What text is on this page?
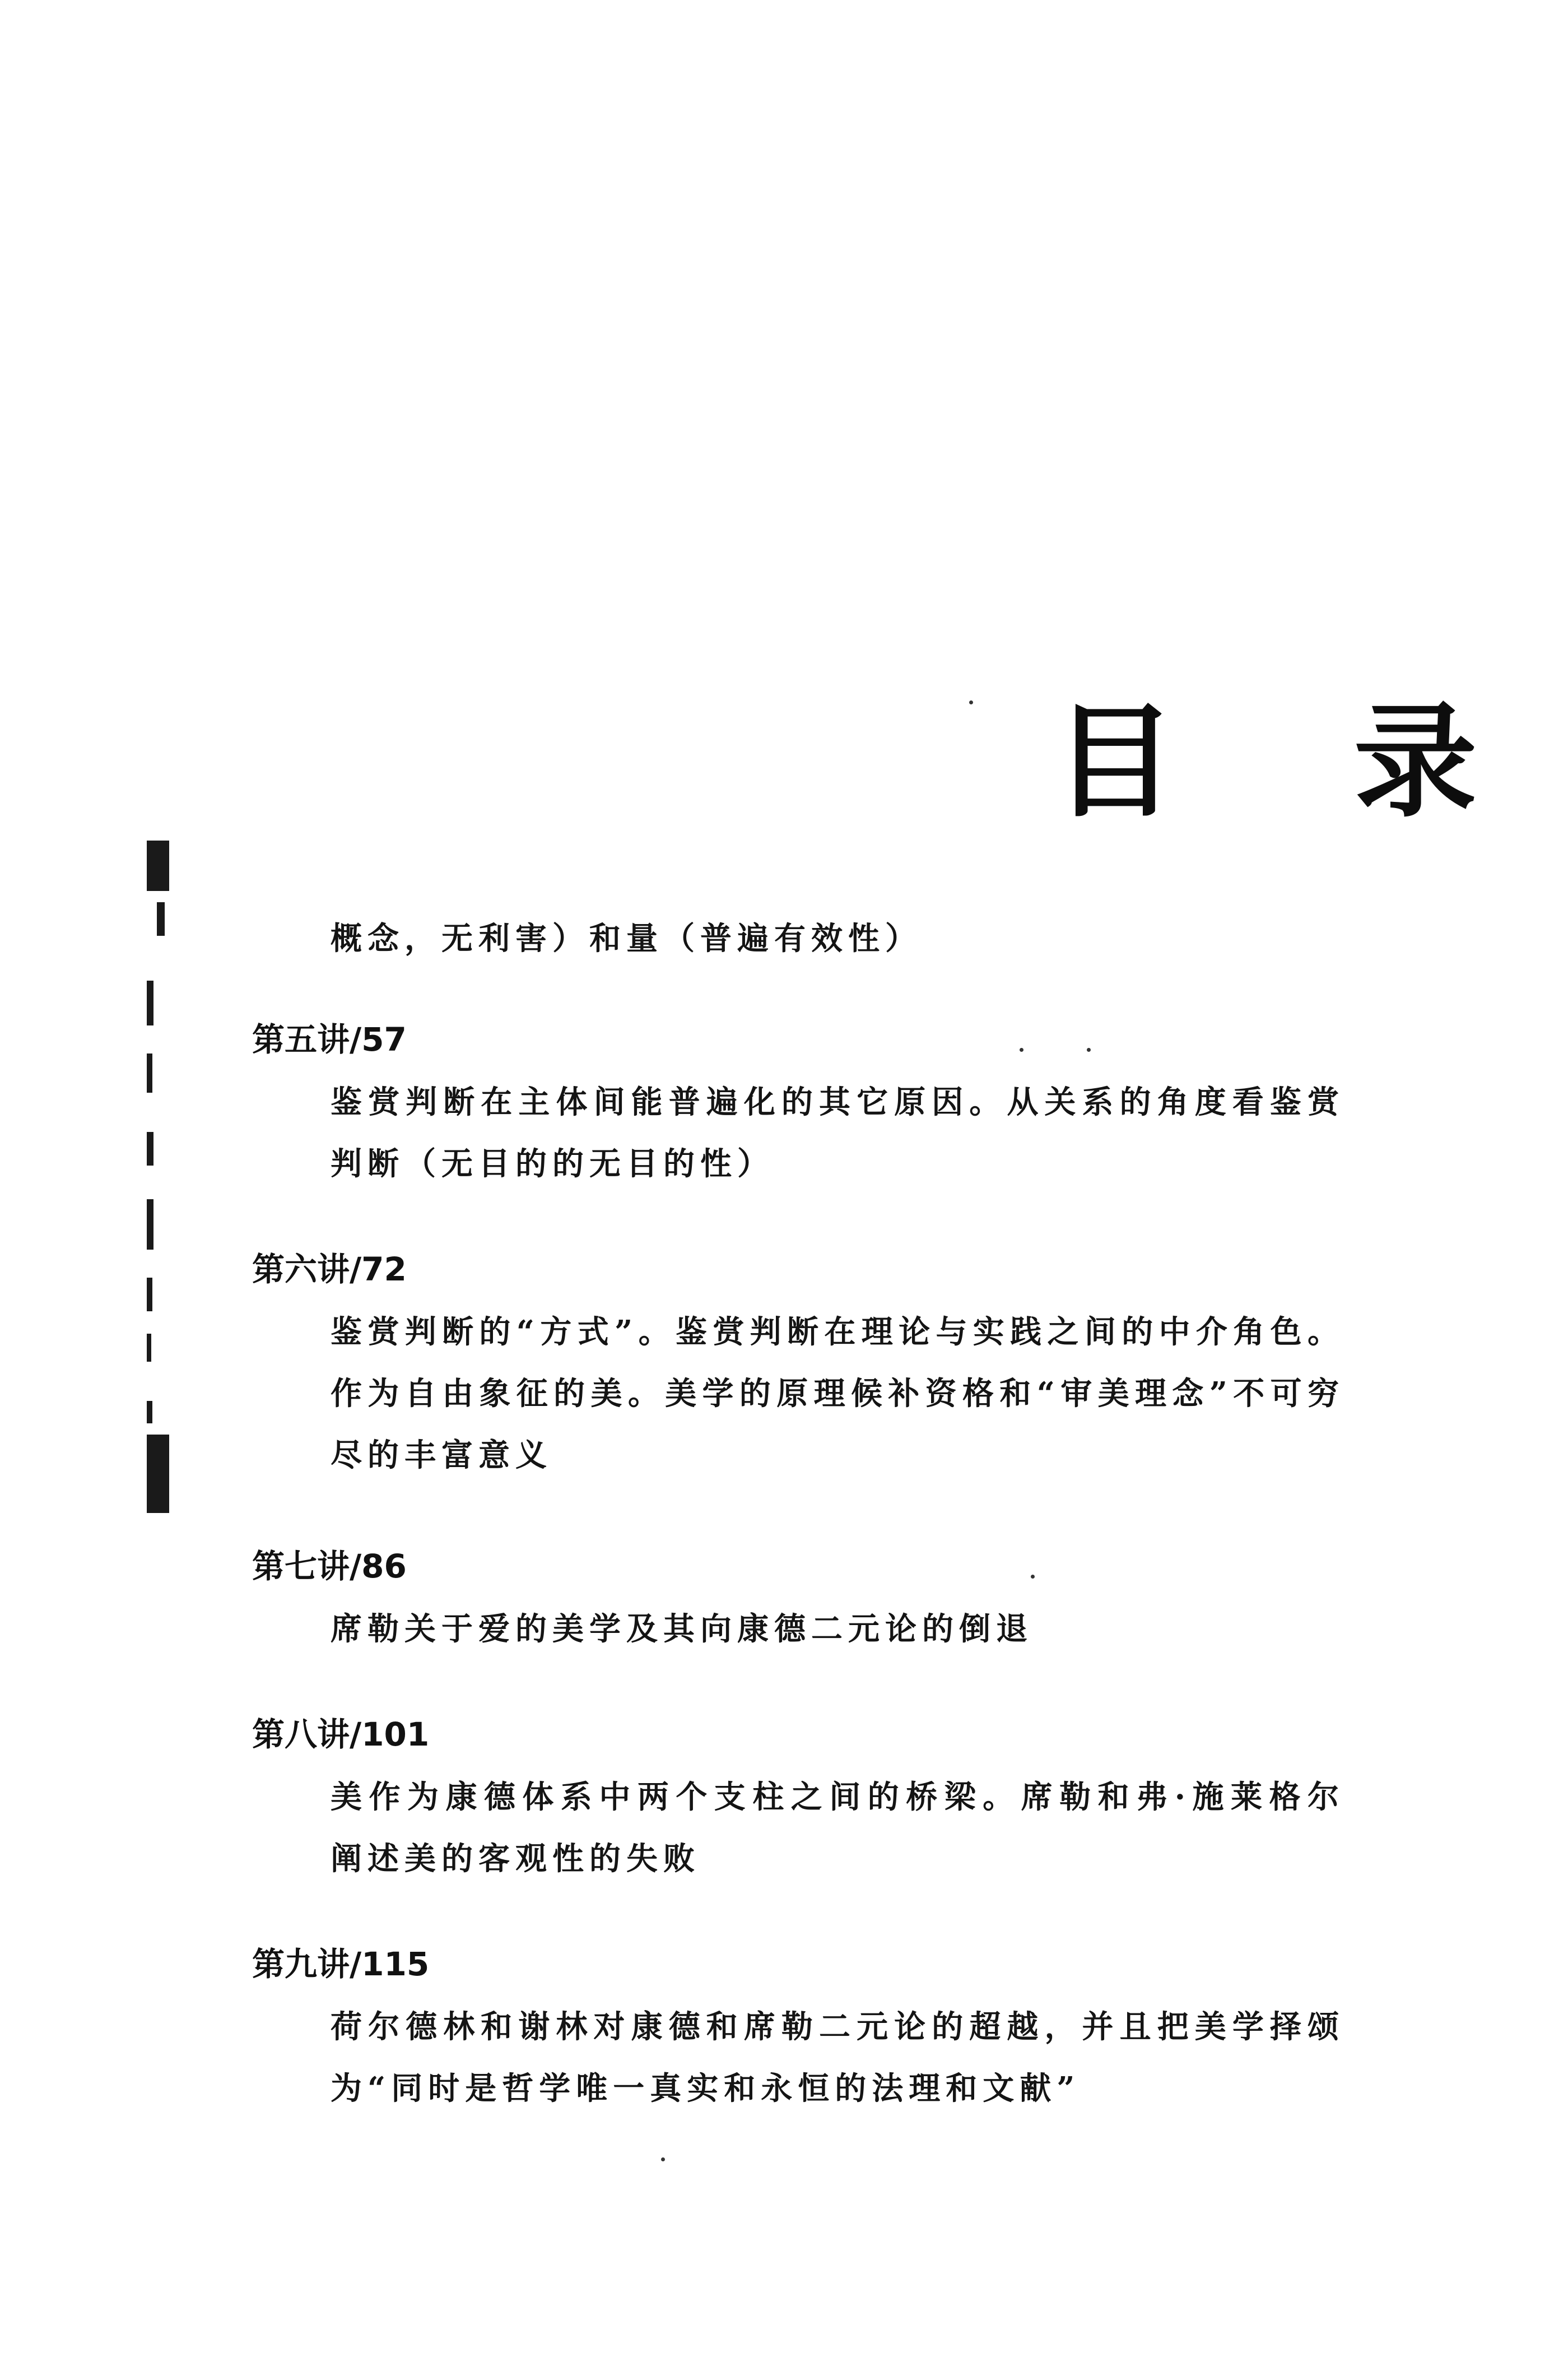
目 录
概念，无利害）和量（普遍有效性）
第五讲/57
鉴赏判断在主体间能普遍化的其它原因。从关系的角度看鉴赏判断（无目的的无目的性）
第六讲/72
鉴赏判断的“方式”。鉴赏判断在理论与实践之间的中介角色。作为自由象征的美。美学的原理候补资格和“审美理念”不可穷尽的丰富意义
第七讲/86
席勒关于爱的美学及其向康德二元论的倒退
第八讲/101
美作为康德体系中两个支柱之间的桥梁。席勒和弗·施莱格尔阐述美的客观性的失败
第九讲/115
荷尔德林和谢林对康德和席勒二元论的超越，并且把美学择颂为“同时是哲学唯一真实和永恒的法理和文献”
